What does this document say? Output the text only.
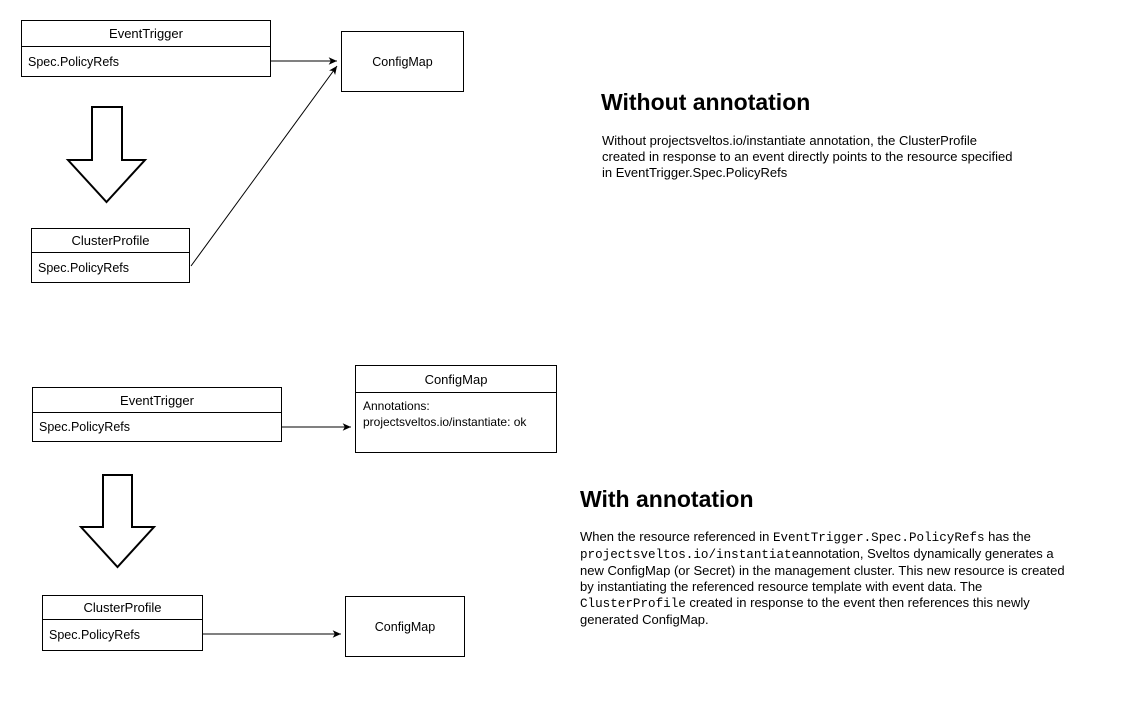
EventTrigger
Spec.PolicyRefs	ConfigMap
ClusterProfile
Spec.PolicyRefs
EventTrigger
Spec.PolicyRefs
ConfigMap
Annotations:
projectsveltos.io/instantiate: ok
ClusterProfile
Spec.PolicyRefs
ConfigMap
Without annotation

Without projectsveltos.io/instantiate annotation, the ClusterProfile created in response to an event directly points to the resource specified in EventTrigger.Spec.PolicyRefs

With annotation

When the resource referenced in EventTrigger.Spec.PolicyRefs has the projectsveltos.io/instantiateannotation, Sveltos dynamically generates a new ConfigMap (or Secret) in the management cluster. This new resource is created by instantiating the referenced resource template with event data. The ClusterProfile created in response to the event then references this newly generated ConfigMap.
